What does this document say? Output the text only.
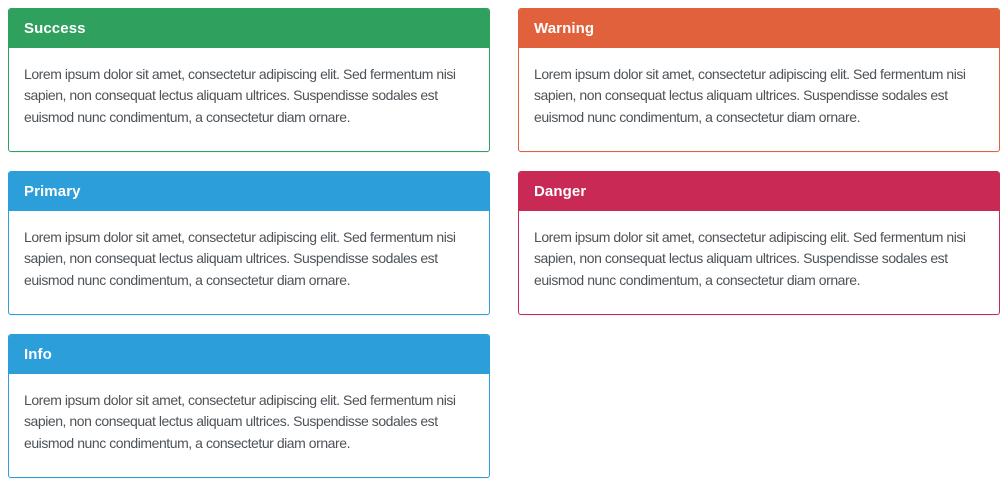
Success

Lorem ipsum dolor sit amet, consectetur adipiscing elit. Sed fermentum nisi sapien, non consequat lectus aliquam ultrices. Suspendisse sodales est euismod nunc condimentum, a consectetur diam ornare.

Warning

Lorem ipsum dolor sit amet, consectetur adipiscing elit. Sed fermentum nisi sapien, non consequat lectus aliquam ultrices. Suspendisse sodales est euismod nunc condimentum, a consectetur diam ornare.

Primary

Lorem ipsum dolor sit amet, consectetur adipiscing elit. Sed fermentum nisi sapien, non consequat lectus aliquam ultrices. Suspendisse sodales est euismod nunc condimentum, a consectetur diam ornare.

Danger

Lorem ipsum dolor sit amet, consectetur adipiscing elit. Sed fermentum nisi sapien, non consequat lectus aliquam ultrices. Suspendisse sodales est euismod nunc condimentum, a consectetur diam ornare.

Info

Lorem ipsum dolor sit amet, consectetur adipiscing elit. Sed fermentum nisi sapien, non consequat lectus aliquam ultrices. Suspendisse sodales est euismod nunc condimentum, a consectetur diam ornare.
